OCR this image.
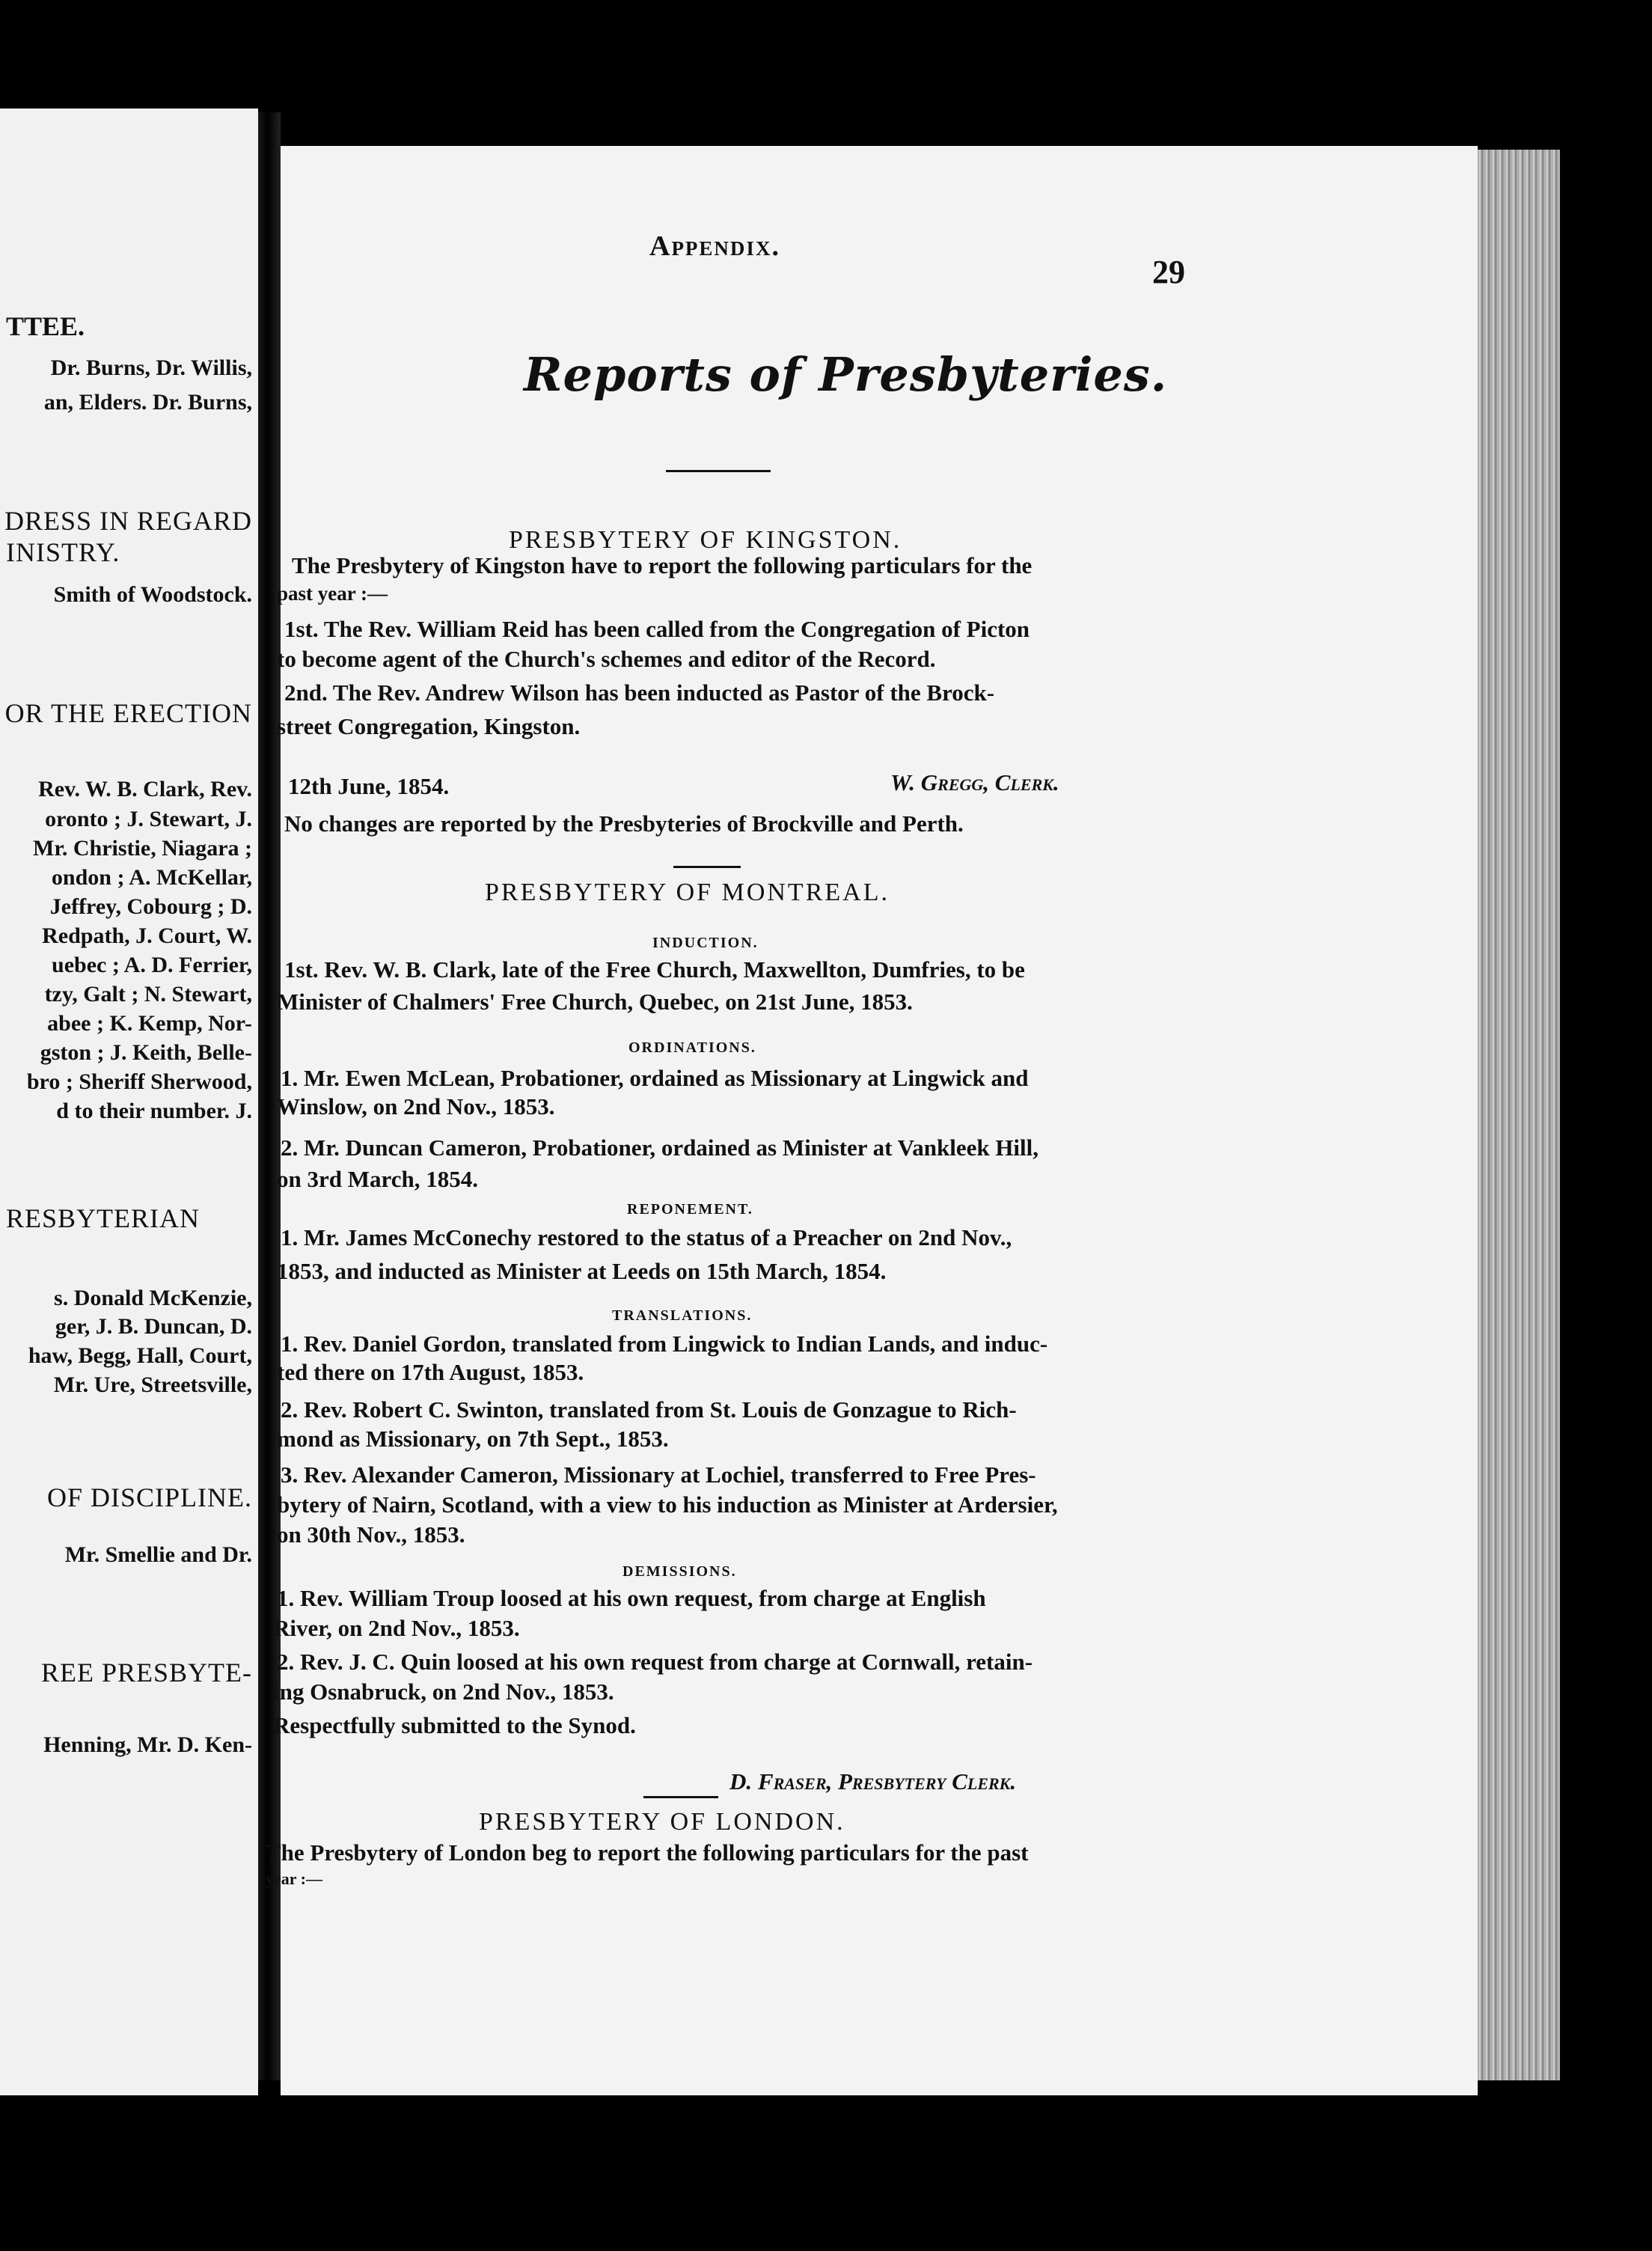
TTEE.
Dr. Burns, Dr. Willis,
an, Elders. Dr. Burns,
DRESS IN REGARD
INISTRY.
Smith of Woodstock.
OR THE ERECTION
Rev. W. B. Clark, Rev.
oronto ; J. Stewart, J.
Mr. Christie, Niagara ;
ondon ; A. McKellar,
Jeffrey, Cobourg ; D.
Redpath, J. Court, W.
uebec ; A. D. Ferrier,
tzy, Galt ; N. Stewart,
abee ; K. Kemp, Nor-
gston ; J. Keith, Belle-
bro ; Sheriff Sherwood,
d to their number. J.
RESBYTERIAN
s. Donald McKenzie,
ger, J. B. Duncan, D.
haw, Begg, Hall, Court,
Mr. Ure, Streetsville,
OF DISCIPLINE.
Mr. Smellie and Dr.
REE PRESBYTE-
Henning, Mr. D. Ken-
Appendix.
29
Reports of Presbyteries.
PRESBYTERY OF KINGSTON.
The Presbytery of Kingston have to report the following particulars for the
past year :—
1st. The Rev. William Reid has been called from the Congregation of Picton
to become agent of the Church's schemes and editor of the Record.
2nd. The Rev. Andrew Wilson has been inducted as Pastor of the Brock-
street Congregation, Kingston.
12th June, 1854.	W. Gregg, Clerk.
No changes are reported by the Presbyteries of Brockville and Perth.
PRESBYTERY OF MONTREAL.
INDUCTION.
1st. Rev. W. B. Clark, late of the Free Church, Maxwellton, Dumfries, to be
Minister of Chalmers' Free Church, Quebec, on 21st June, 1853.
ORDINATIONS.
1. Mr. Ewen McLean, Probationer, ordained as Missionary at Lingwick and
Winslow, on 2nd Nov., 1853.
2. Mr. Duncan Cameron, Probationer, ordained as Minister at Vankleek Hill,
on 3rd March, 1854.
REPONEMENT.
1. Mr. James McConechy restored to the status of a Preacher on 2nd Nov.,
1853, and inducted as Minister at Leeds on 15th March, 1854.
TRANSLATIONS.
1. Rev. Daniel Gordon, translated from Lingwick to Indian Lands, and induc-
ted there on 17th August, 1853.
2. Rev. Robert C. Swinton, translated from St. Louis de Gonzague to Rich-
mond as Missionary, on 7th Sept., 1853.
3. Rev. Alexander Cameron, Missionary at Lochiel, transferred to Free Pres-
bytery of Nairn, Scotland, with a view to his induction as Minister at Ardersier,
on 30th Nov., 1853.
DEMISSIONS.
1. Rev. William Troup loosed at his own request, from charge at English
River, on 2nd Nov., 1853.
2. Rev. J. C. Quin loosed at his own request from charge at Cornwall, retain-
ing Osnabruck, on 2nd Nov., 1853.
Respectfully submitted to the Synod.
D. Fraser, Presbytery Clerk.
PRESBYTERY OF LONDON.
The Presbytery of London beg to report the following particulars for the past
year :—
